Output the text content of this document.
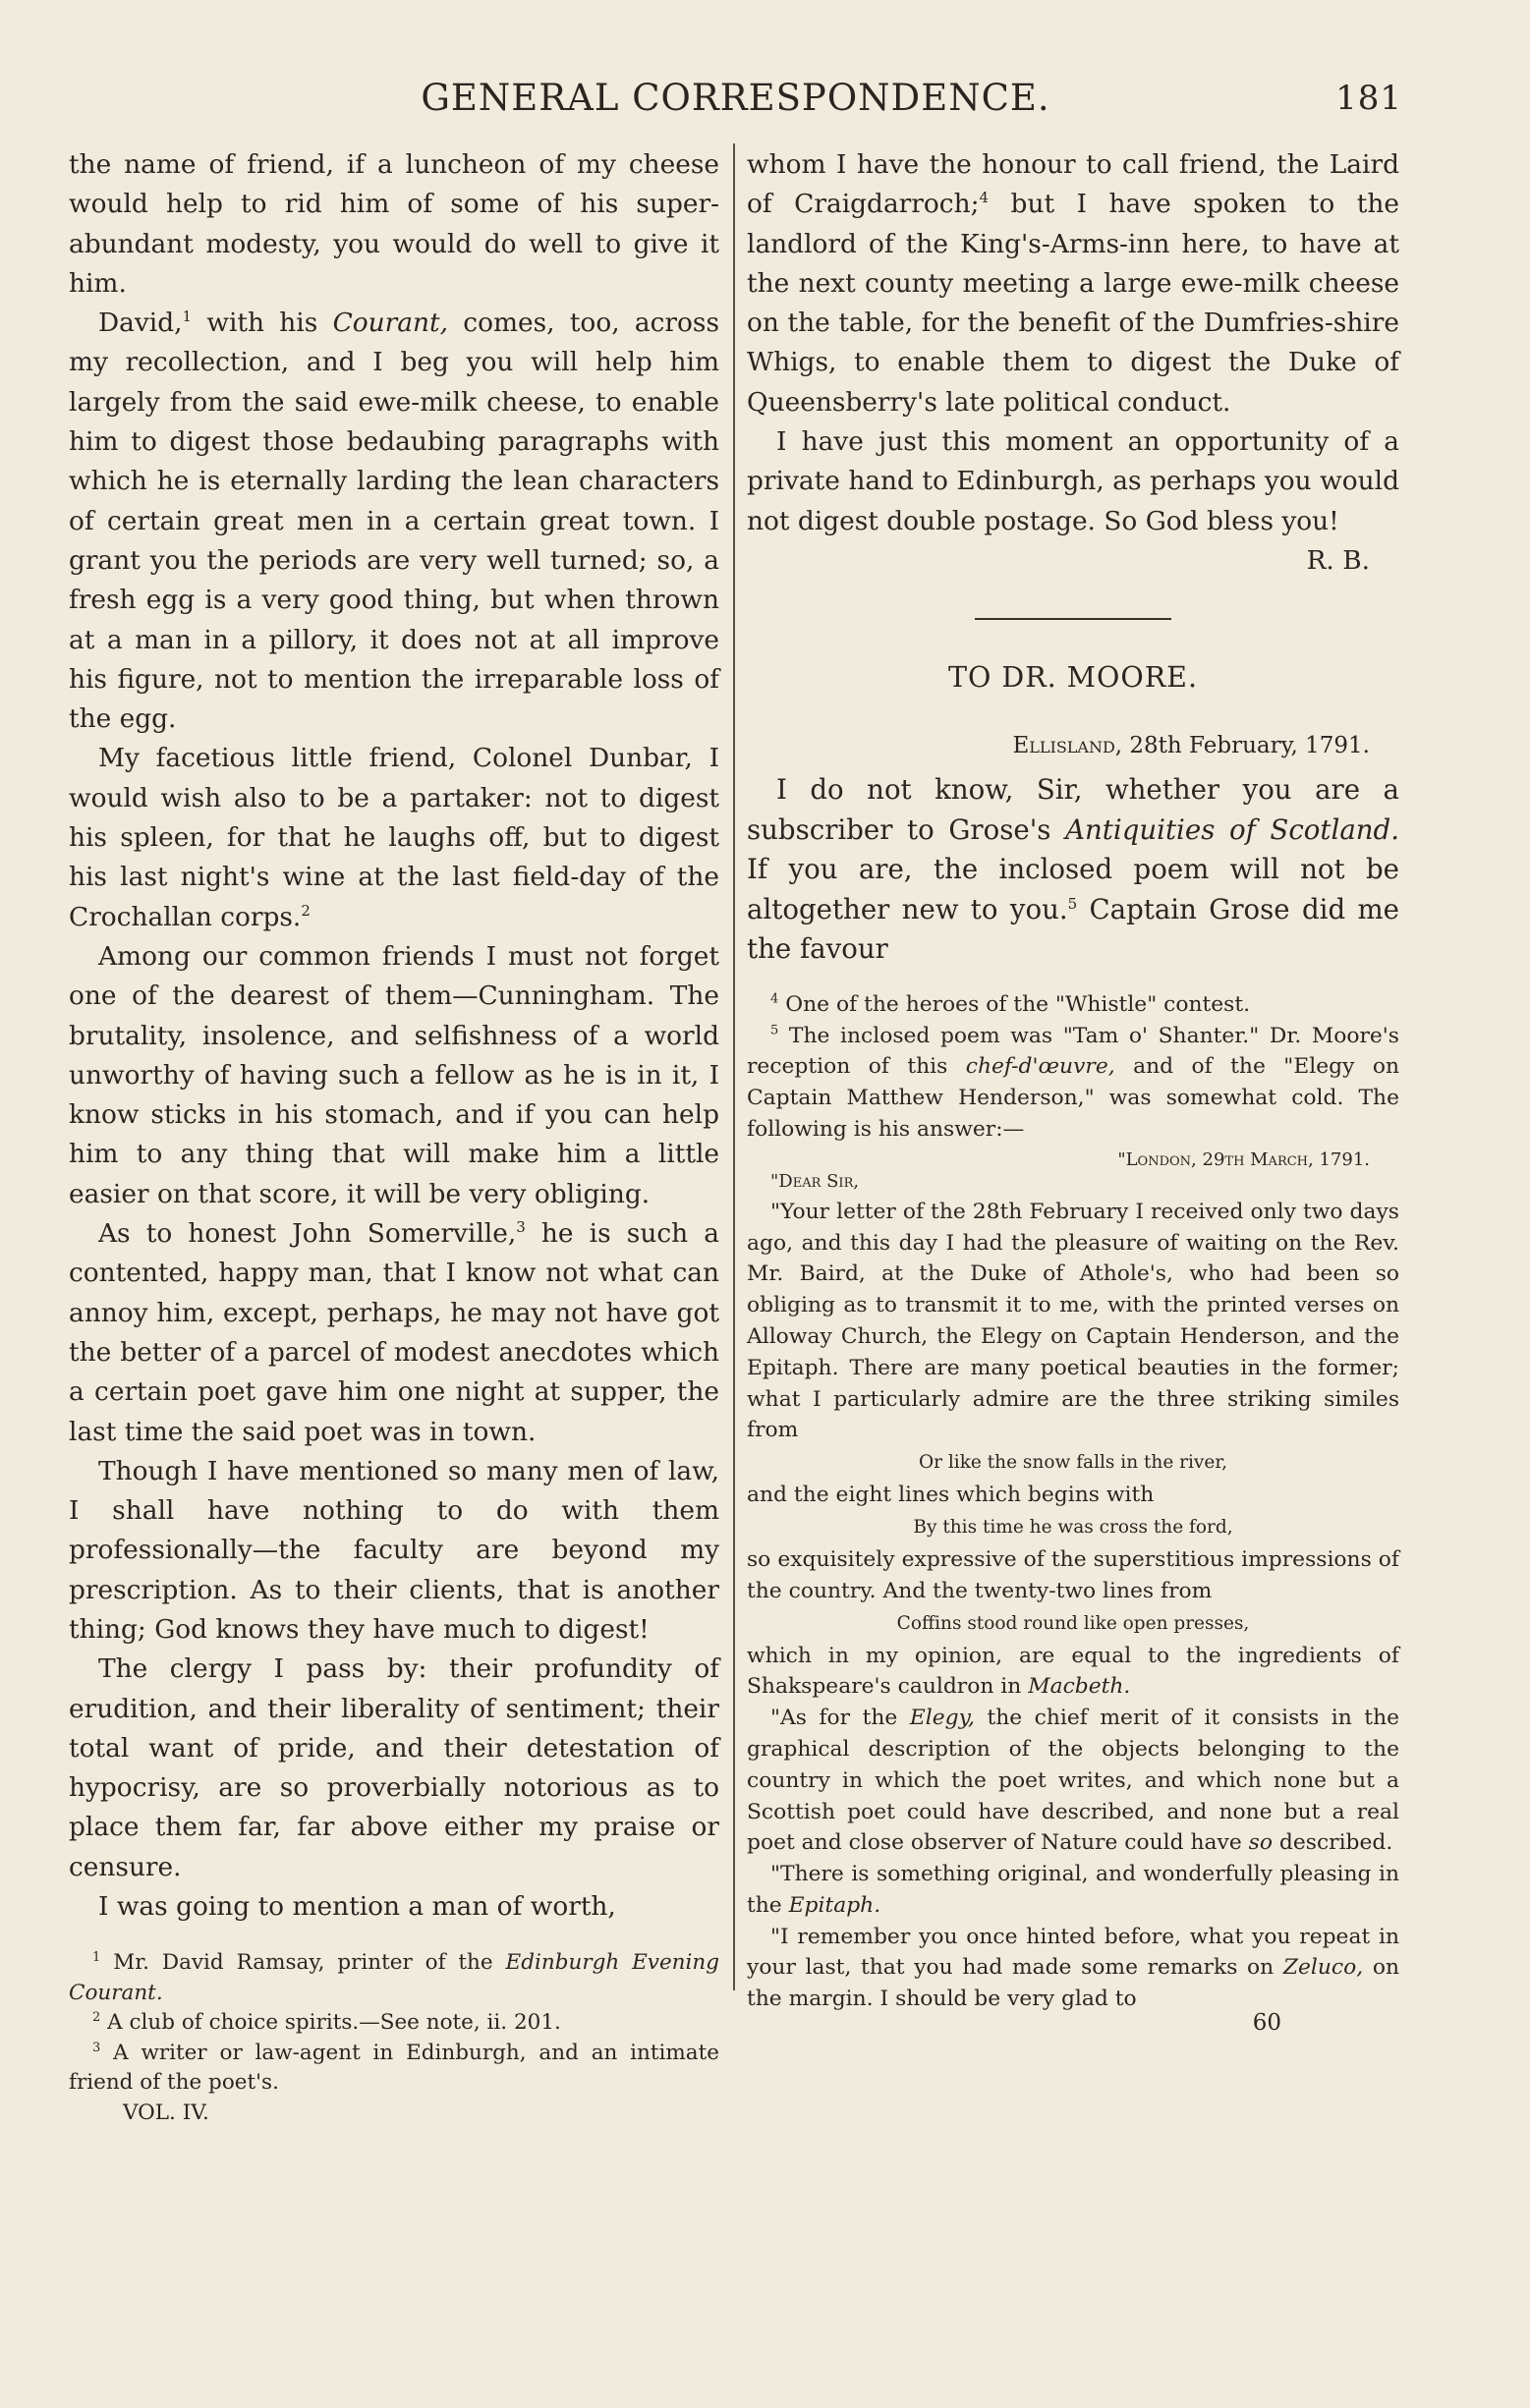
GENERAL CORRESPONDENCE.	181

the name of friend, if a luncheon of my cheese would help to rid him of some of his super-abundant modesty, you would do well to give it him.

David,$^1$ with his Courant, comes, too, across my recollection, and I beg you will help him largely from the said ewe-milk cheese, to enable him to digest those bedaubing paragraphs with which he is eternally larding the lean characters of certain great men in a certain great town. I grant you the periods are very well turned; so, a fresh egg is a very good thing, but when thrown at a man in a pillory, it does not at all improve his figure, not to mention the irreparable loss of the egg.

My facetious little friend, Colonel Dunbar, I would wish also to be a partaker: not to digest his spleen, for that he laughs off, but to digest his last night's wine at the last field-day of the Crochallan corps.$^2$

Among our common friends I must not forget one of the dearest of them—Cunningham. The brutality, insolence, and selfishness of a world unworthy of having such a fellow as he is in it, I know sticks in his stomach, and if you can help him to any thing that will make him a little easier on that score, it will be very obliging.

As to honest John Somerville,$^3$ he is such a contented, happy man, that I know not what can annoy him, except, perhaps, he may not have got the better of a parcel of modest anecdotes which a certain poet gave him one night at supper, the last time the said poet was in town.

Though I have mentioned so many men of law, I shall have nothing to do with them professionally—the faculty are beyond my prescription. As to their clients, that is another thing; God knows they have much to digest!

The clergy I pass by: their profundity of erudition, and their liberality of sentiment; their total want of pride, and their detestation of hypocrisy, are so proverbially notorious as to place them far, far above either my praise or censure.

I was going to mention a man of worth,

$^1$ Mr. David Ramsay, printer of the Edinburgh Evening Courant.

$^2$ A club of choice spirits.—See note, ii. 201.

$^3$ A writer or law-agent in Edinburgh, and an intimate friend of the poet's.

VOL. IV.

whom I have the honour to call friend, the Laird of Craigdarroch;$^4$ but I have spoken to the landlord of the King's-Arms-inn here, to have at the next county meeting a large ewe-milk cheese on the table, for the benefit of the Dumfries-shire Whigs, to enable them to digest the Duke of Queensberry's late political conduct.

I have just this moment an opportunity of a private hand to Edinburgh, as perhaps you would not digest double postage. So God bless you!

R. B.

TO DR. MOORE.

Ellisland, 28th February, 1791.

I do not know, Sir, whether you are a subscriber to Grose's Antiquities of Scotland. If you are, the inclosed poem will not be altogether new to you.$^5$ Captain Grose did me the favour

$^4$ One of the heroes of the "Whistle" contest.

$^5$ The inclosed poem was "Tam o' Shanter." Dr. Moore's reception of this chef-d'œuvre, and of the "Elegy on Captain Matthew Henderson," was somewhat cold. The following is his answer:—

"London, 29th March, 1791.

"Dear Sir,

"Your letter of the 28th February I received only two days ago, and this day I had the pleasure of waiting on the Rev. Mr. Baird, at the Duke of Athole's, who had been so obliging as to transmit it to me, with the printed verses on Alloway Church, the Elegy on Captain Henderson, and the Epitaph. There are many poetical beauties in the former; what I particularly admire are the three striking similes from

Or like the snow falls in the river,

and the eight lines which begins with

By this time he was cross the ford,

so exquisitely expressive of the superstitious impressions of the country. And the twenty-two lines from

Coffins stood round like open presses,

which in my opinion, are equal to the ingredients of Shakspeare's cauldron in Macbeth.

"As for the Elegy, the chief merit of it consists in the graphical description of the objects belonging to the country in which the poet writes, and which none but a Scottish poet could have described, and none but a real poet and close observer of Nature could have so described.

"There is something original, and wonderfully pleasing in the Epitaph.

"I remember you once hinted before, what you repeat in your last, that you had made some remarks on Zeluco, on the margin. I should be very glad to

60
